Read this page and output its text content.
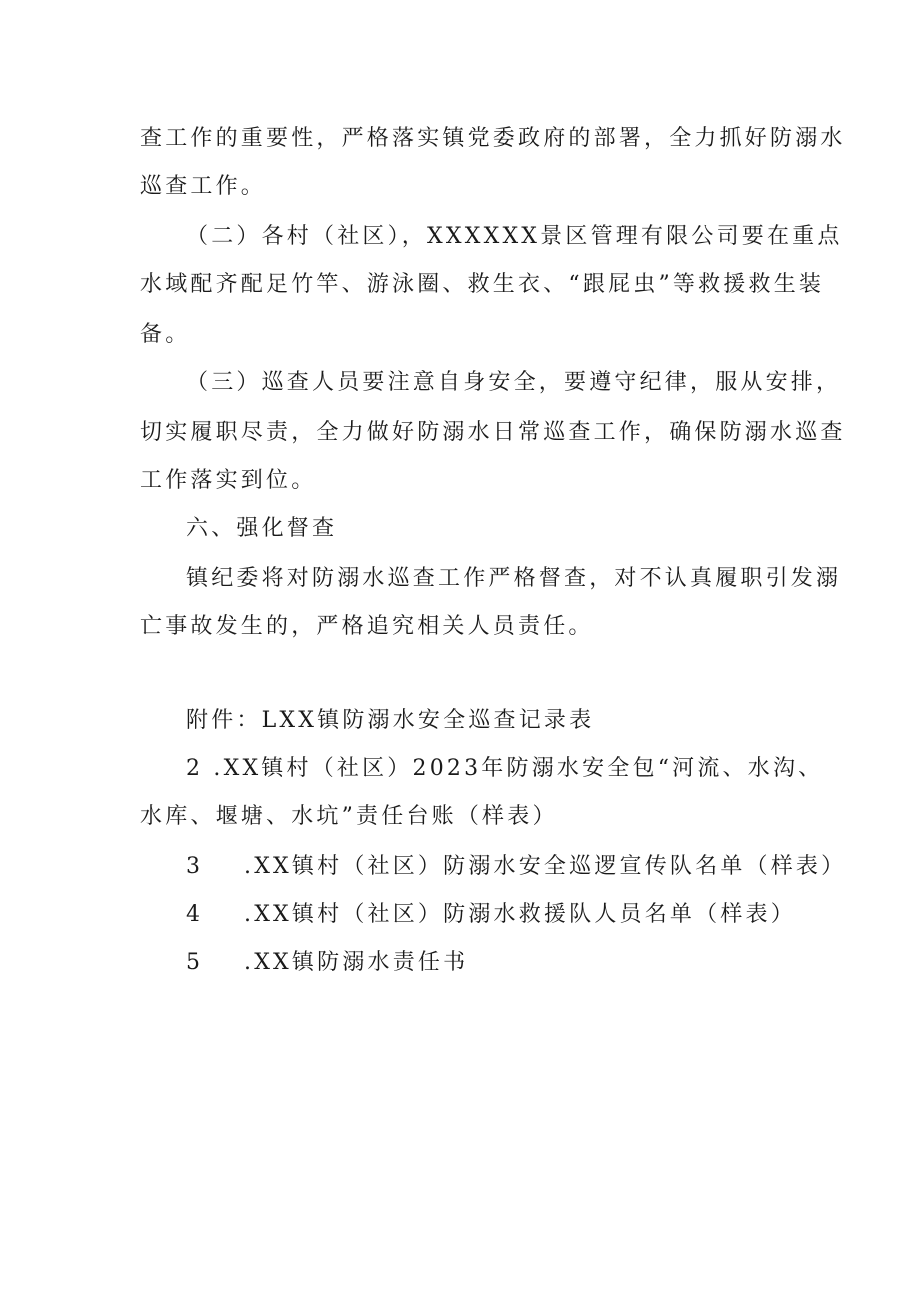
查工作的重要性，严格落实镇党委政府的部署，全力抓好防溺水
巡查工作。
（二）各村（社区），XXXXXX景区管理有限公司要在重点
水域配齐配足竹竿、游泳圈、救生衣、“跟屁虫”等救援救生装
备。
（三）巡查人员要注意自身安全，要遵守纪律，服从安排，
切实履职尽责，全力做好防溺水日常巡查工作，确保防溺水巡查
工作落实到位。
六、强化督查
镇纪委将对防溺水巡查工作严格督查，对不认真履职引发溺
亡事故发生的，严格追究相关人员责任。
附件：LXX镇防溺水安全巡查记录表
2 .XX镇村（社区）2023年防溺水安全包“河流、水沟、
水库、堰塘、水坑”责任台账（样表）
3 .XX镇村（社区）防溺水安全巡逻宣传队名单（样表）
4 .XX镇村（社区）防溺水救援队人员名单（样表）
5 .XX镇防溺水责任书
